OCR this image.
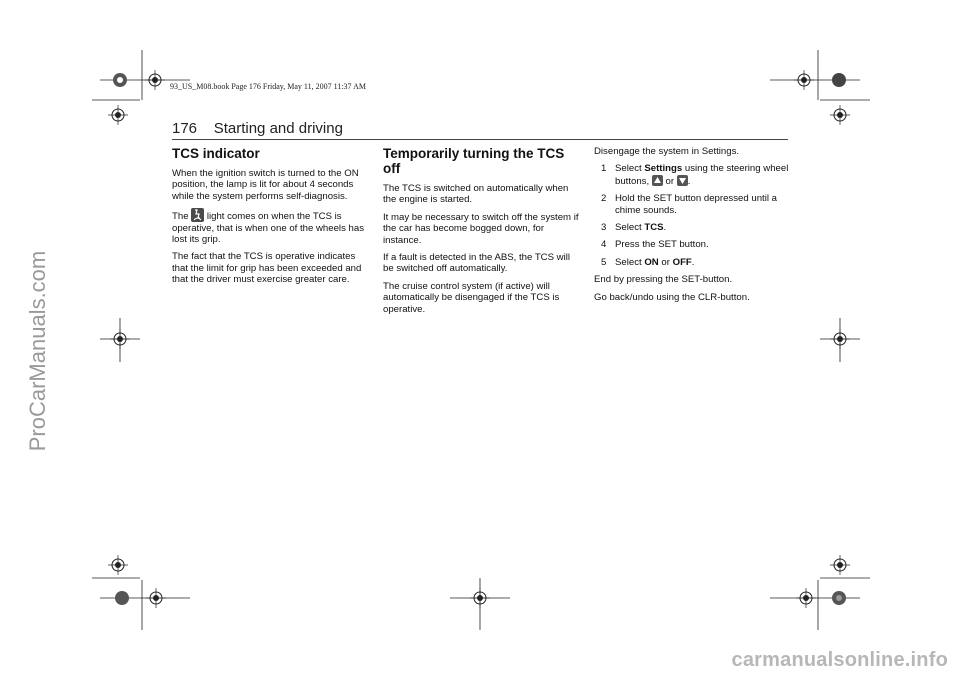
93_US_M08.book Page 176 Friday, May 11, 2007 11:37 AM
176 Starting and driving
TCS indicator

When the ignition switch is turned to the ON position, the lamp is lit for about 4 seconds while the system performs self-diagnosis.

The
light comes on when the TCS is operative, that is when one of the wheels has lost its grip.

The fact that the TCS is operative indicates that the limit for grip has been exceeded and that the driver must exercise greater care.

Temporarily turning the TCS off

The TCS is switched on automatically when the engine is started.

It may be necessary to switch off the system if the car has become bogged down, for instance.

If a fault is detected in the ABS, the TCS will be switched off automatically.

The cruise control system (if active) will automatically be disengaged if the TCS is operative.

Disengage the system in Settings.

1 Select Settings using the steering wheel buttons,
or
.
2 Hold the SET button depressed until a chime sounds.
3 Select TCS.
4 Press the SET button.
5 Select ON or OFF.

End by pressing the SET-button.

Go back/undo using the CLR-button.

ProCarManuals.com
carmanualsonline.info
